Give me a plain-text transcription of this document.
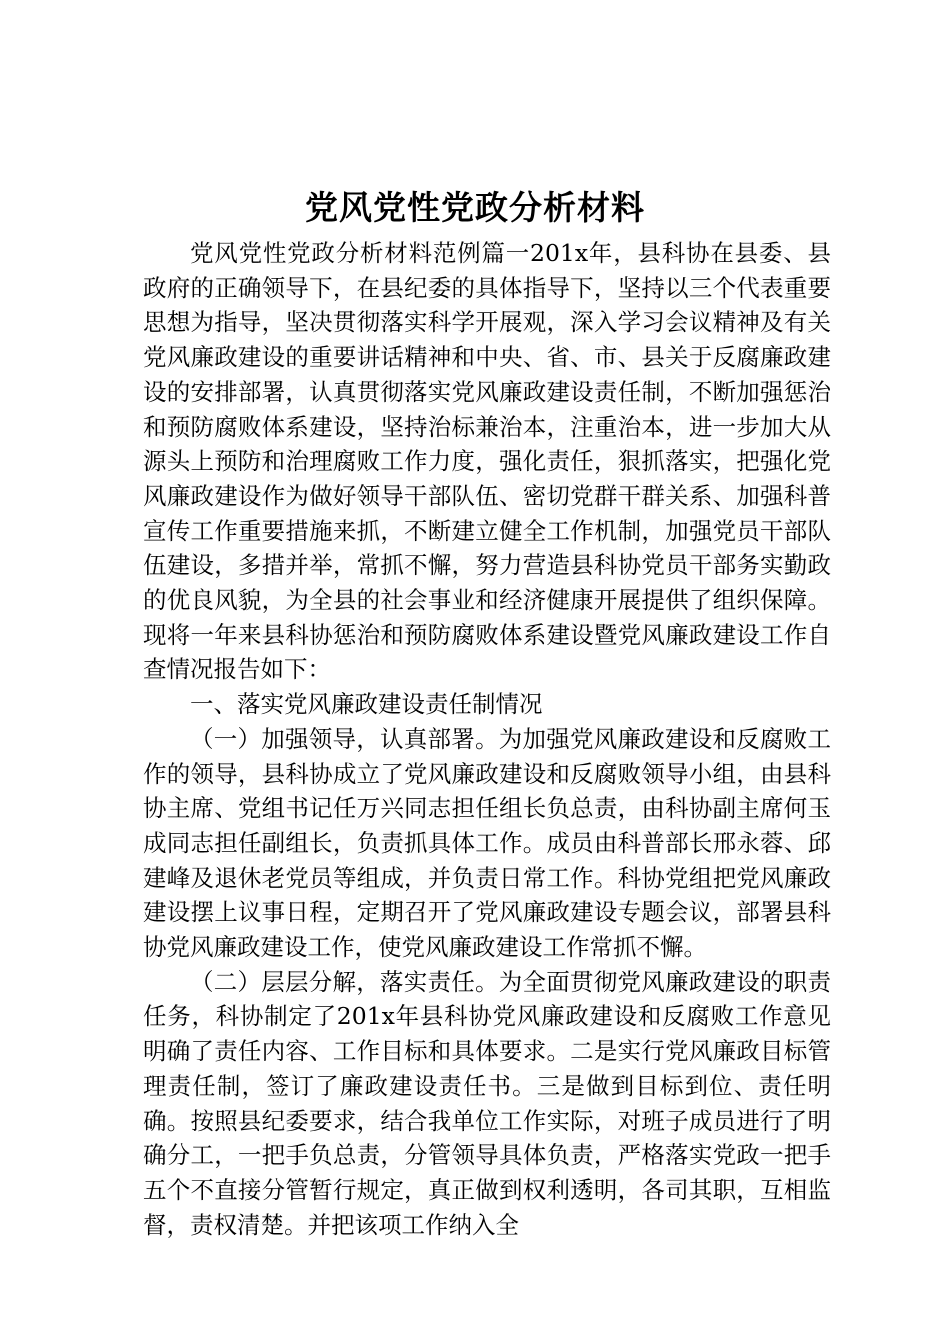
党风党性党政分析材料

党风党性党政分析材料范例篇一201x年，县科协在县委、县政府的正确领导下，在县纪委的具体指导下，坚持以三个代表重要思想为指导，坚决贯彻落实科学开展观，深入学习会议精神及有关党风廉政建设的重要讲话精神和中央、省、市、县关于反腐廉政建设的安排部署，认真贯彻落实党风廉政建设责任制，不断加强惩治和预防腐败体系建设，坚持治标兼治本，注重治本，进一步加大从源头上预防和治理腐败工作力度，强化责任，狠抓落实，把强化党风廉政建设作为做好领导干部队伍、密切党群干群关系、加强科普宣传工作重要措施来抓，不断建立健全工作机制，加强党员干部队伍建设，多措并举，常抓不懈，努力营造县科协党员干部务实勤政的优良风貌，为全县的社会事业和经济健康开展提供了组织保障。现将一年来县科协惩治和预防腐败体系建设暨党风廉政建设工作自查情况报告如下：

一、落实党风廉政建设责任制情况

（一）加强领导，认真部署。为加强党风廉政建设和反腐败工作的领导，县科协成立了党风廉政建设和反腐败领导小组，由县科协主席、党组书记任万兴同志担任组长负总责，由科协副主席何玉成同志担任副组长，负责抓具体工作。成员由科普部长邢永蓉、邱建峰及退休老党员等组成，并负责日常工作。科协党组把党风廉政建设摆上议事日程，定期召开了党风廉政建设专题会议，部署县科协党风廉政建设工作，使党风廉政建设工作常抓不懈。

（二）层层分解，落实责任。为全面贯彻党风廉政建设的职责任务，科协制定了201x年县科协党风廉政建设和反腐败工作意见明确了责任内容、工作目标和具体要求。二是实行党风廉政目标管理责任制，签订了廉政建设责任书。三是做到目标到位、责任明确。按照县纪委要求，结合我单位工作实际，对班子成员进行了明确分工，一把手负总责，分管领导具体负责，严格落实党政一把手五个不直接分管暂行规定，真正做到权利透明，各司其职，互相监督，责权清楚。并把该项工作纳入全
